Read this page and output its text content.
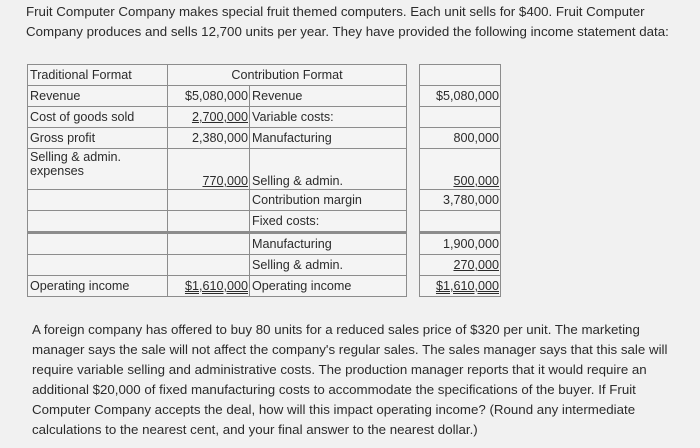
Fruit Computer Company makes special fruit themed computers. Each unit sells for $400. Fruit Computer Company produces and sells 12,700 units per year. They have provided the following income statement data:

Traditional Format	Contribution Format			
Revenue	$5,080,000	Revenue		$5,080,000
Cost of goods sold	2,700,000	Variable costs:		
Gross profit	2,380,000	Manufacturing		800,000
Selling & admin. expenses	770,000	Selling & admin.		500,000
		Contribution margin		3,780,000
		Fixed costs:		
		Manufacturing		1,900,000
		Selling & admin.		270,000
Operating income	$1,610,000	Operating income		$1,610,000

A foreign company has offered to buy 80 units for a reduced sales price of $320 per unit. The marketing manager says the sale will not affect the company's regular sales. The sales manager says that this sale will require variable selling and administrative costs. The production manager reports that it would require an additional $20,000 of fixed manufacturing costs to accommodate the specifications of the buyer. If Fruit Computer Company accepts the deal, how will this impact operating income? (Round any intermediate calculations to the nearest cent, and your final answer to the nearest dollar.)
